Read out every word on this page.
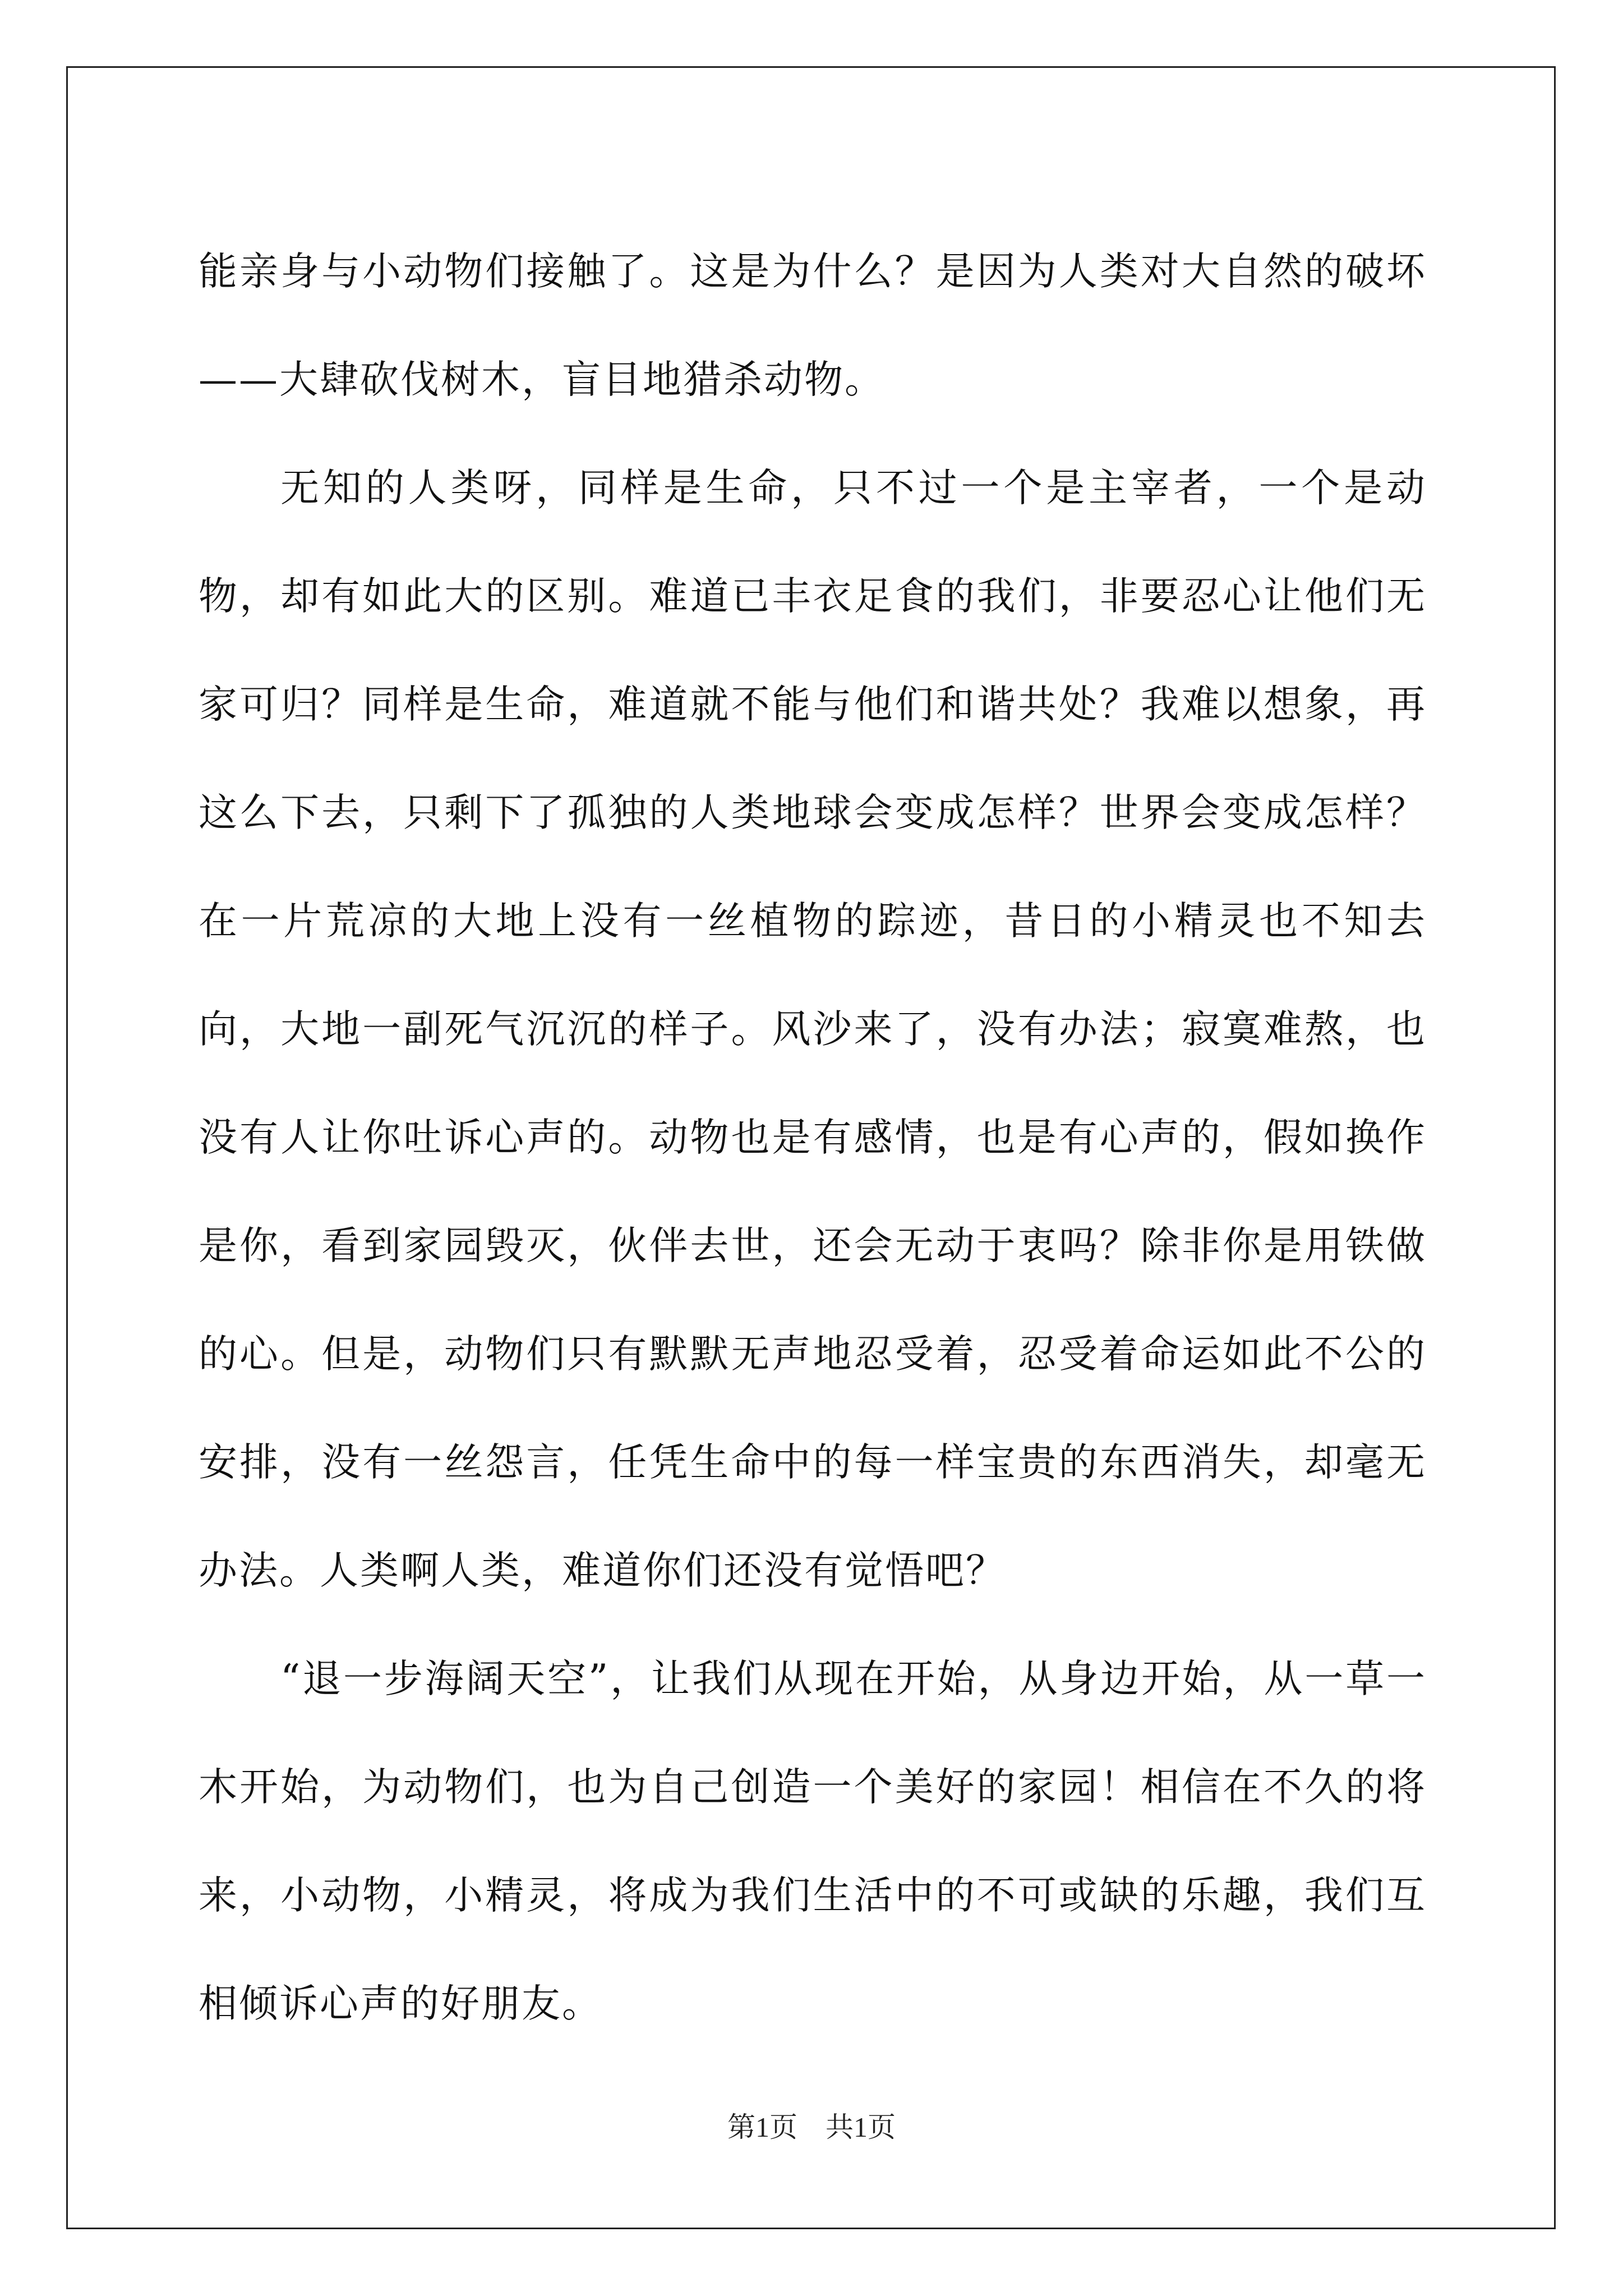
能亲身与小动物们接触了。这是为什么？是因为人类对大自然的破坏——大肆砍伐树木，盲目地猎杀动物。

无知的人类呀，同样是生命，只不过一个是主宰者，一个是动物，却有如此大的区别。难道已丰衣足食的我们，非要忍心让他们无家可归？同样是生命，难道就不能与他们和谐共处？我难以想象，再这么下去，只剩下了孤独的人类地球会变成怎样？世界会变成怎样？在一片荒凉的大地上没有一丝植物的踪迹，昔日的小精灵也不知去向，大地一副死气沉沉的样子。风沙来了，没有办法；寂寞难熬，也没有人让你吐诉心声的。动物也是有感情，也是有心声的，假如换作是你，看到家园毁灭，伙伴去世，还会无动于衷吗？除非你是用铁做的心。但是，动物们只有默默无声地忍受着，忍受着命运如此不公的安排，没有一丝怨言，任凭生命中的每一样宝贵的东西消失，却毫无办法。人类啊人类，难道你们还没有觉悟吧？

“退一步海阔天空”，让我们从现在开始，从身边开始，从一草一木开始，为动物们，也为自己创造一个美好的家园！相信在不久的将来，小动物，小精灵，将成为我们生活中的不可或缺的乐趣，我们互相倾诉心声的好朋友。

第1页　共1页
